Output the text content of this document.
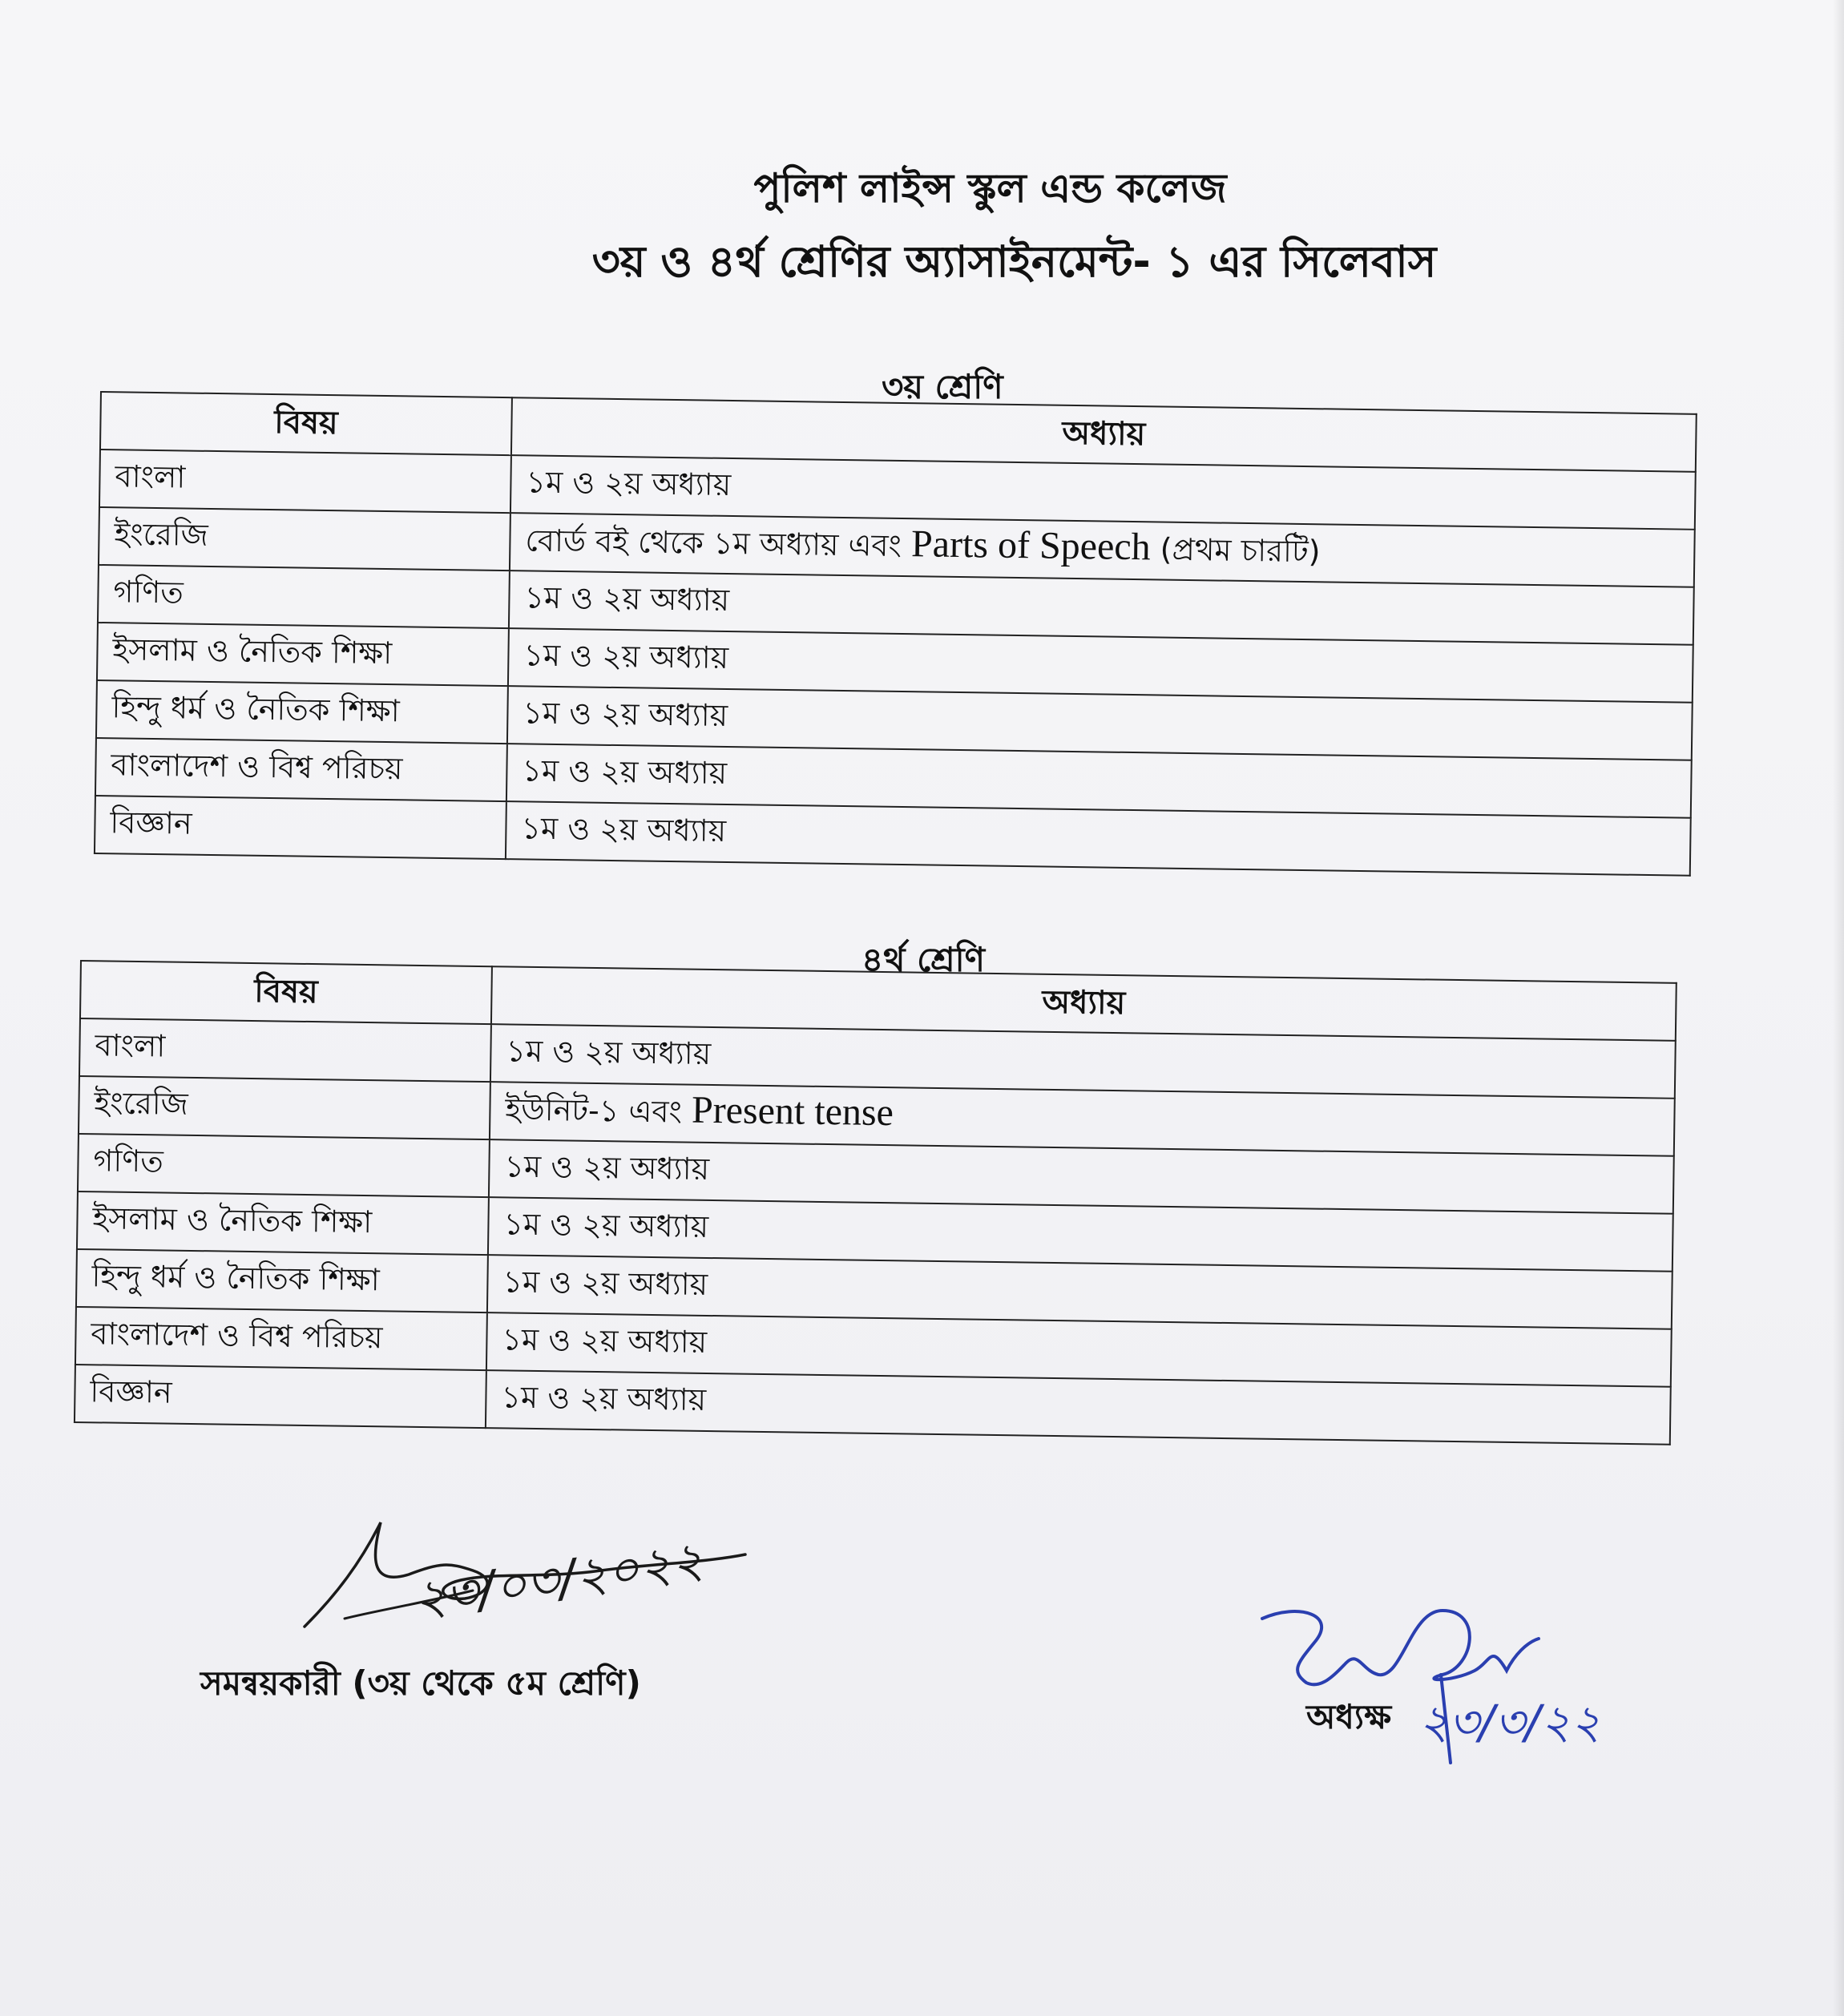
পুলিশ লাইন্স স্কুল এন্ড কলেজ
৩য় ও ৪র্থ শ্রেণির অ্যাসাইনমেন্ট- ১ এর সিলেবাস
৩য় শ্রেণি
বিষয়	অধ্যায়
বাংলা	১ম ও ২য় অধ্যায়
ইংরেজি	বোর্ড বই থেকে ১ম অধ্যায় এবং Parts of Speech (প্রথম চারটি)
গণিত	১ম ও ২য় অধ্যায়
ইসলাম ও নৈতিক শিক্ষা	১ম ও ২য় অধ্যায়
হিন্দু ধর্ম ও নৈতিক শিক্ষা	১ম ও ২য় অধ্যায়
বাংলাদেশ ও বিশ্ব পরিচয়	১ম ও ২য় অধ্যায়
বিজ্ঞান	১ম ও ২য় অধ্যায়
৪র্থ শ্রেণি
বিষয়	অধ্যায়
বাংলা	১ম ও ২য় অধ্যায়
ইংরেজি	ইউনিট-১ এবং Present tense
গণিত	১ম ও ২য় অধ্যায়
ইসলাম ও নৈতিক শিক্ষা	১ম ও ২য় অধ্যায়
হিন্দু ধর্ম ও নৈতিক শিক্ষা	১ম ও ২য় অধ্যায়
বাংলাদেশ ও বিশ্ব পরিচয়	১ম ও ২য় অধ্যায়
বিজ্ঞান	১ম ও ২য় অধ্যায়
২৩/০৩/২০২২
সমন্বয়কারী (৩য় থেকে ৫ম শ্রেণি)
অধ্যক্ষ ২৩/৩/২২
